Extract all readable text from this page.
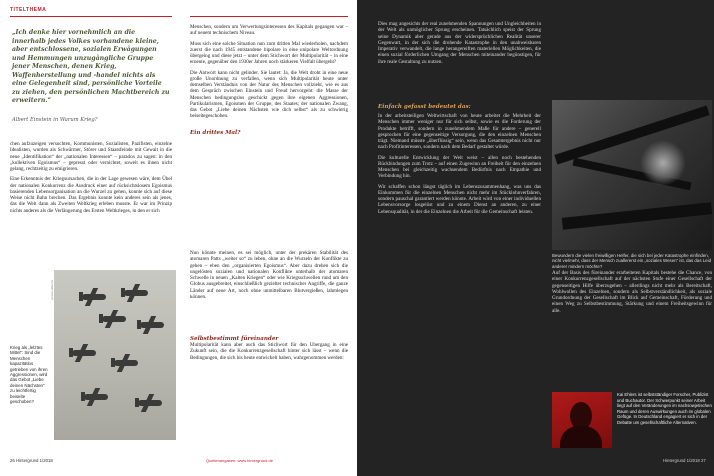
TITELTHEMA
„Ich denke hier vornehmlich an die innerhalb jedes Volkes vorhandene kleine, aber entschlossene, sozialen Erwägungen und Hemmungen unzugängliche Gruppe jener Menschen, denen Krieg, Waffenherstellung und -handel nichts als eine Gelegenheit sind, persönliche Vorteile zu ziehen, den persönlichen Machtbereich zu erweitern.“
Albert Einstein in Warum Krieg?

chen aufzuzeigen versuchten, Kommunisten, Sozialisten, Pazifisten, einzelne Idealisten, wurden als Schwärmer, Störer und Staatsfeinde mit Gewalt in die neue „Identifikation“ der „nationalen Interessen“ – paradox zu sagen: in den „kollektiven Egoismus“ – gepresst oder vernichtet, soweit es ihnen nicht gelang, rechtzeitig zu emigrieren.

Eine Erkenntnis der Kriegsursachen, die in der Lage gewesen wäre, dem Übel der nationalen Konkurrenz die Ausdruck einer auf rücksichtslosem Egoismus basierenden Lebensorganisation an die Wurzel zu gehen, konnte sich auf diese Weise nicht Bahn brechen. Das Ergebnis konnte kein anderes sein als jenes, das die Welt dann als Zweiten Weltkrieg erleben musste. Er war im Prinzip nichts anderes als die Verlängerung des Ersten Weltkrieges, in den er sich

Menschen, sondern um Verwertungsinteressen des Kapitals gegangen war – auf neuem technischem Niveau.

Muss sich eine solche Situation nun zum dritten Mal wiederholen, nachdem zuerst die nach 1945 entstandene bipolare in eine unipolare Weltordnung übergeing und diese jetzt – unter dem Stichwort der Multipolarität – in eine erneute, gegenüber den 1930er Jahren noch stärkeren Vielfalt übergeht?

Die Antwort kann nicht gelinder. Sie lautet: Ja, die Welt droht in eine neue große Unordnung zu verfallen, wenn sich Multipolarität heute unter demselben Verständnis von der Natur des Menschen vollzieht, wie es aus dem Gespräch zwischen Einstein und Freud hervorgeht: die Masse der Menschen bedingungslos geschickt gegen ihre eigenen Aggressionen, Partikularismen, Egoismen der Gruppe, des Staates; der nationalen Zwang, das Gebot „Liebe deinen Nächsten wie dich selbst“ als zu schwierig beiseitegeschoben.

Ein drittes Mal?

Nun könnte meinen, es sei möglich, unter der prekären Stabilität des atomaren Patts „weiter so“ zu leben, ohne an die Wurzeln der Konflikte zu gehen – eben den „organisierten Egoismus“. Aber dazu drehen sich die ungelösten sozialen und nationalen Konflikte unterhalb der atomaren Schwelle in neuen „Kalten Kriegen“ oder wie Kriegsschwellen rund um den Globus ausgebreitet, einschließlich gezielter technischer Angriffe, die ganze Länder auf neue Art, noch ohne unmittelbaren Blutvergießen, lahmlegen können.

Selbstbestimmt füreinander

Multipolarität kann aber auch das Stichwort für den Übergang in eine Zukunft sein, die die Konkurrenzgesellschaft hinter sich lässt – wenn die Bedingungen, die sich bis heute entwickelt haben, wahrgenommen werden:

picture-alliance
Krieg als „letztes Mittel“: Sind die Menschen kapazitätlos getrieben von ihren Aggressionen, wird das Gebot „Liebe deinen Nächsten“ zu leichtfertig beiseite geschoben?
26 Hintergrund 1/2018	Quellenangaben: www.hintergrund.de	Hintergrund 1/2018 27

Dies mag angesichts der real zunehmenden Spannungen und Ungleichheiten in der Welt als unmöglicher Sprung erscheinen. Tatsächlich speist der Sprung seine Dynamik aber gerade aus der widersprüchlichen Realität unserer Gegenwart, in der sich die drohende Katastrophe in den unabweisbaren Imperativ verwandelt, die lange herangereiften materiellen Möglichkeiten, die einen sozial förderlichen Umgang der Menschen miteinander begünstigen, für ihre reale Gestaltung zu nutzen.

Einfach gefasst bedeutet das:

In der arbeitsteiligen Weltwirtschaft von heute arbeitet die Mehrheit der Menschen immer weniger nur für sich selbst, sowie es die Forderung der Produkte betrifft, sondern in zunehmendem Maße für andere – generell gesprochen für eine gegenseitige Versorgung, die den einzelnen Menschen trägt. Niemand müsste „überflüssig“ sein, wenn das Gesamtergebnis nicht nur nach Profitinteressen, sondern nach dem Bedarf gestaltet würde.

Die kulturelle Entwicklung der Welt weist – allen noch bestehenden Rückbindungen zum Trotz – auf einen Zugewinn an Freiheit für den einzelnen Menschen bei gleichzeitig wachsendem Bedürfnis nach Empathie und Verbindung hin.

Wir schaffen schon längst täglich im Lebenszusammenhang, was uns das Einkommen für die einzelnen Menschen nicht mehr im Stücklohnverfahren, sondern pauschal garantiert werden könnte. Arbeit wird von einer individuellen Lebensvorsorge losgelöst und zu einem Dienst an anderen, zu einer Lebensqualität, in der die Einzelnen die Arbeit für die Gemeinschaft leisten.

Bewundern die vielen freiwilligen Helfer, die sich bei jeder Katastrophe einfinden, nicht vielmehr, dass der Mensch zuallererst ein „soziales Wesen“ ist, das das Leid anderer mindern möchte?

Auf der Basis des füreinander erarbeiteten Kapitals bestehe die Chance, von einer Konkurrenzgesellschaft auf der nächsten Stufe einer Gesellschaft der gegenseitigen Hilfe überzugehen – allerdings nicht mehr als Bereitschaft, Wohlwollen des Einzelnen, sondern als Selbstverständlichkeit, als soziale Grundordnung der Gesellschaft im Blick auf Gemeinschaft, Förderung und einen Weg zu Selbstbestimmung, Stärkung und einem Freiheitsgewinn für alle.

Kai Ehlers ist selbstständiger Forscher, Publizist und Buchautor. Der Schwerpunkt seiner Arbeit liegt auf den Veränderungen im nachsowjetischen Raum und deren Auswirkungen auch im globalen Gefüge. In Deutschland engagiert er sich in der Debatte um gesellschaftliche Alternativen.
